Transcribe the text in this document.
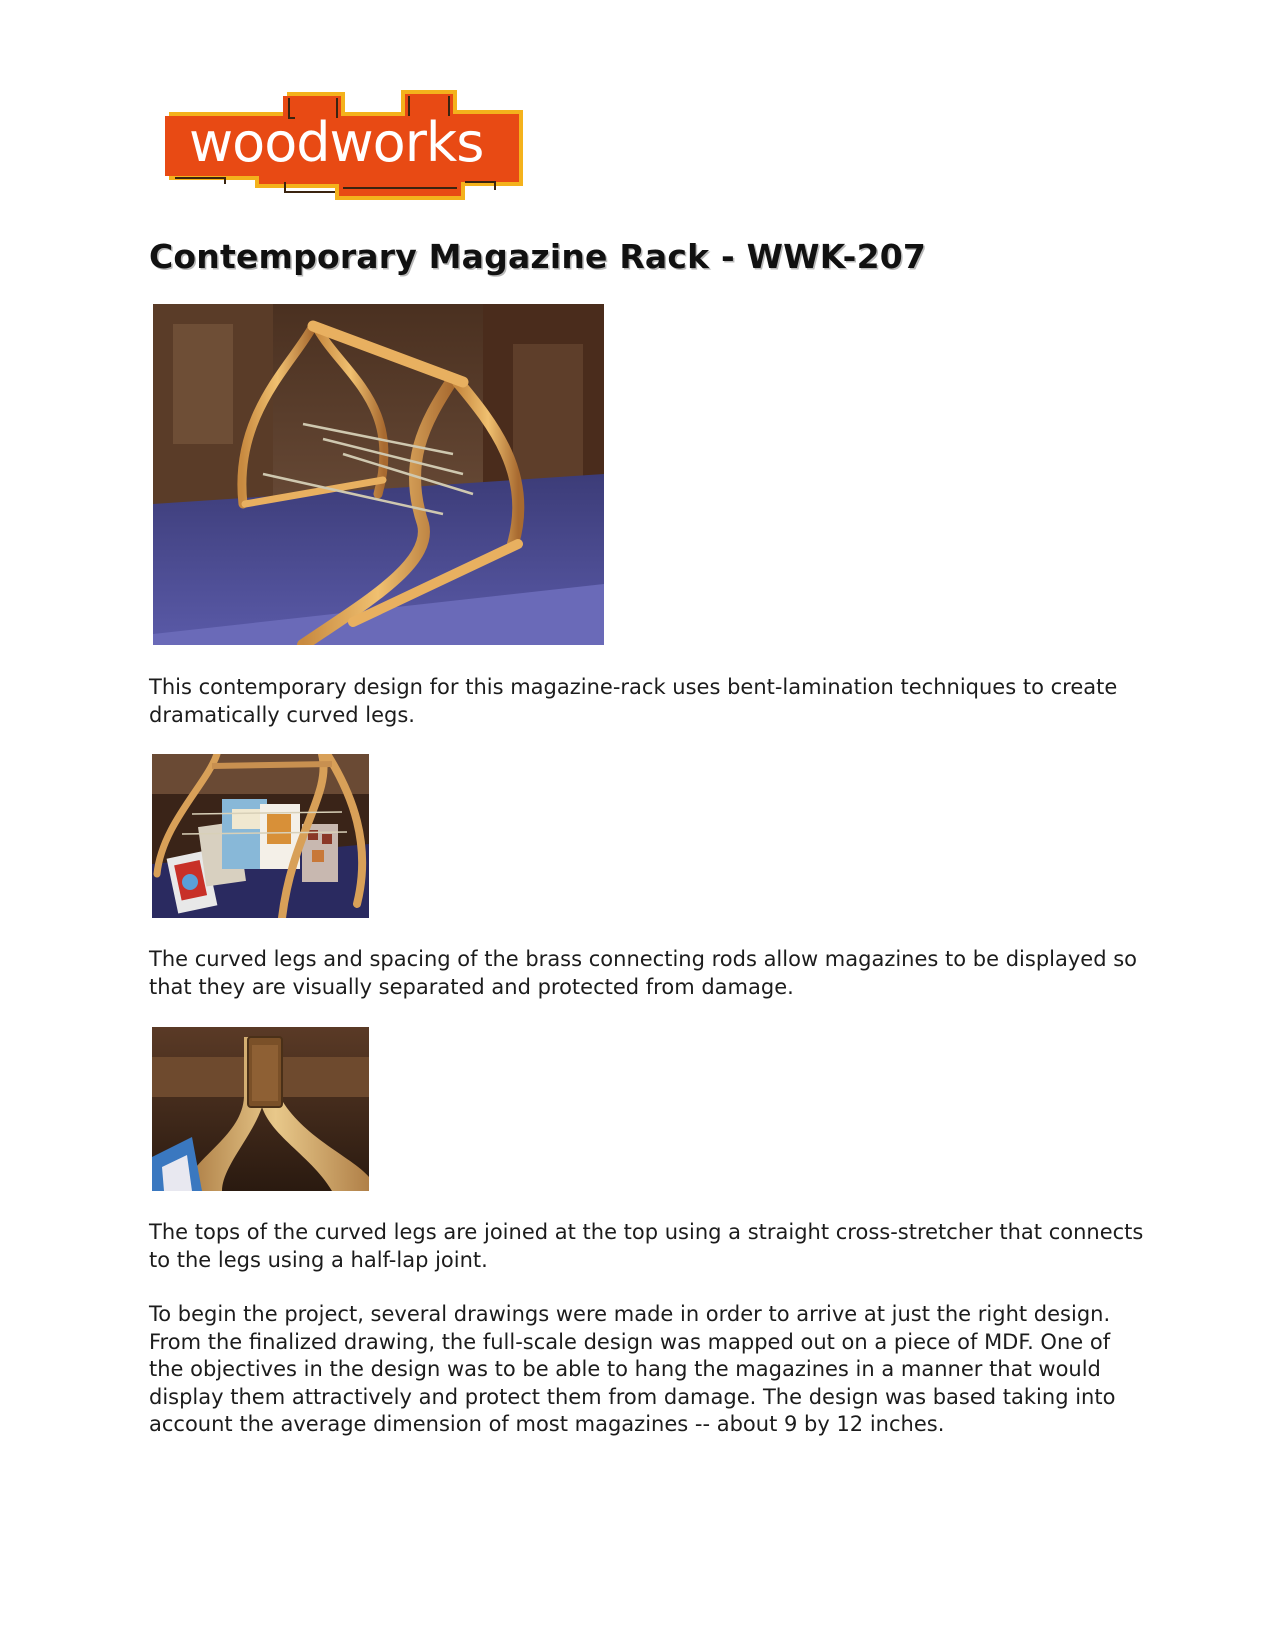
woodworks
Contemporary Magazine Rack - WWK-207

This contemporary design for this magazine-rack uses bent-lamination techniques to create dramatically curved legs.

The curved legs and spacing of the brass connecting rods allow magazines to be displayed so that they are visually separated and protected from damage.

The tops of the curved legs are joined at the top using a straight cross-stretcher that connects to the legs using a half-lap joint.

To begin the project, several drawings were made in order to arrive at just the right design. From the finalized drawing, the full-scale design was mapped out on a piece of MDF. One of the objectives in the design was to be able to hang the magazines in a manner that would display them attractively and protect them from damage. The design was based taking into account the average dimension of most magazines -- about 9 by 12 inches.
